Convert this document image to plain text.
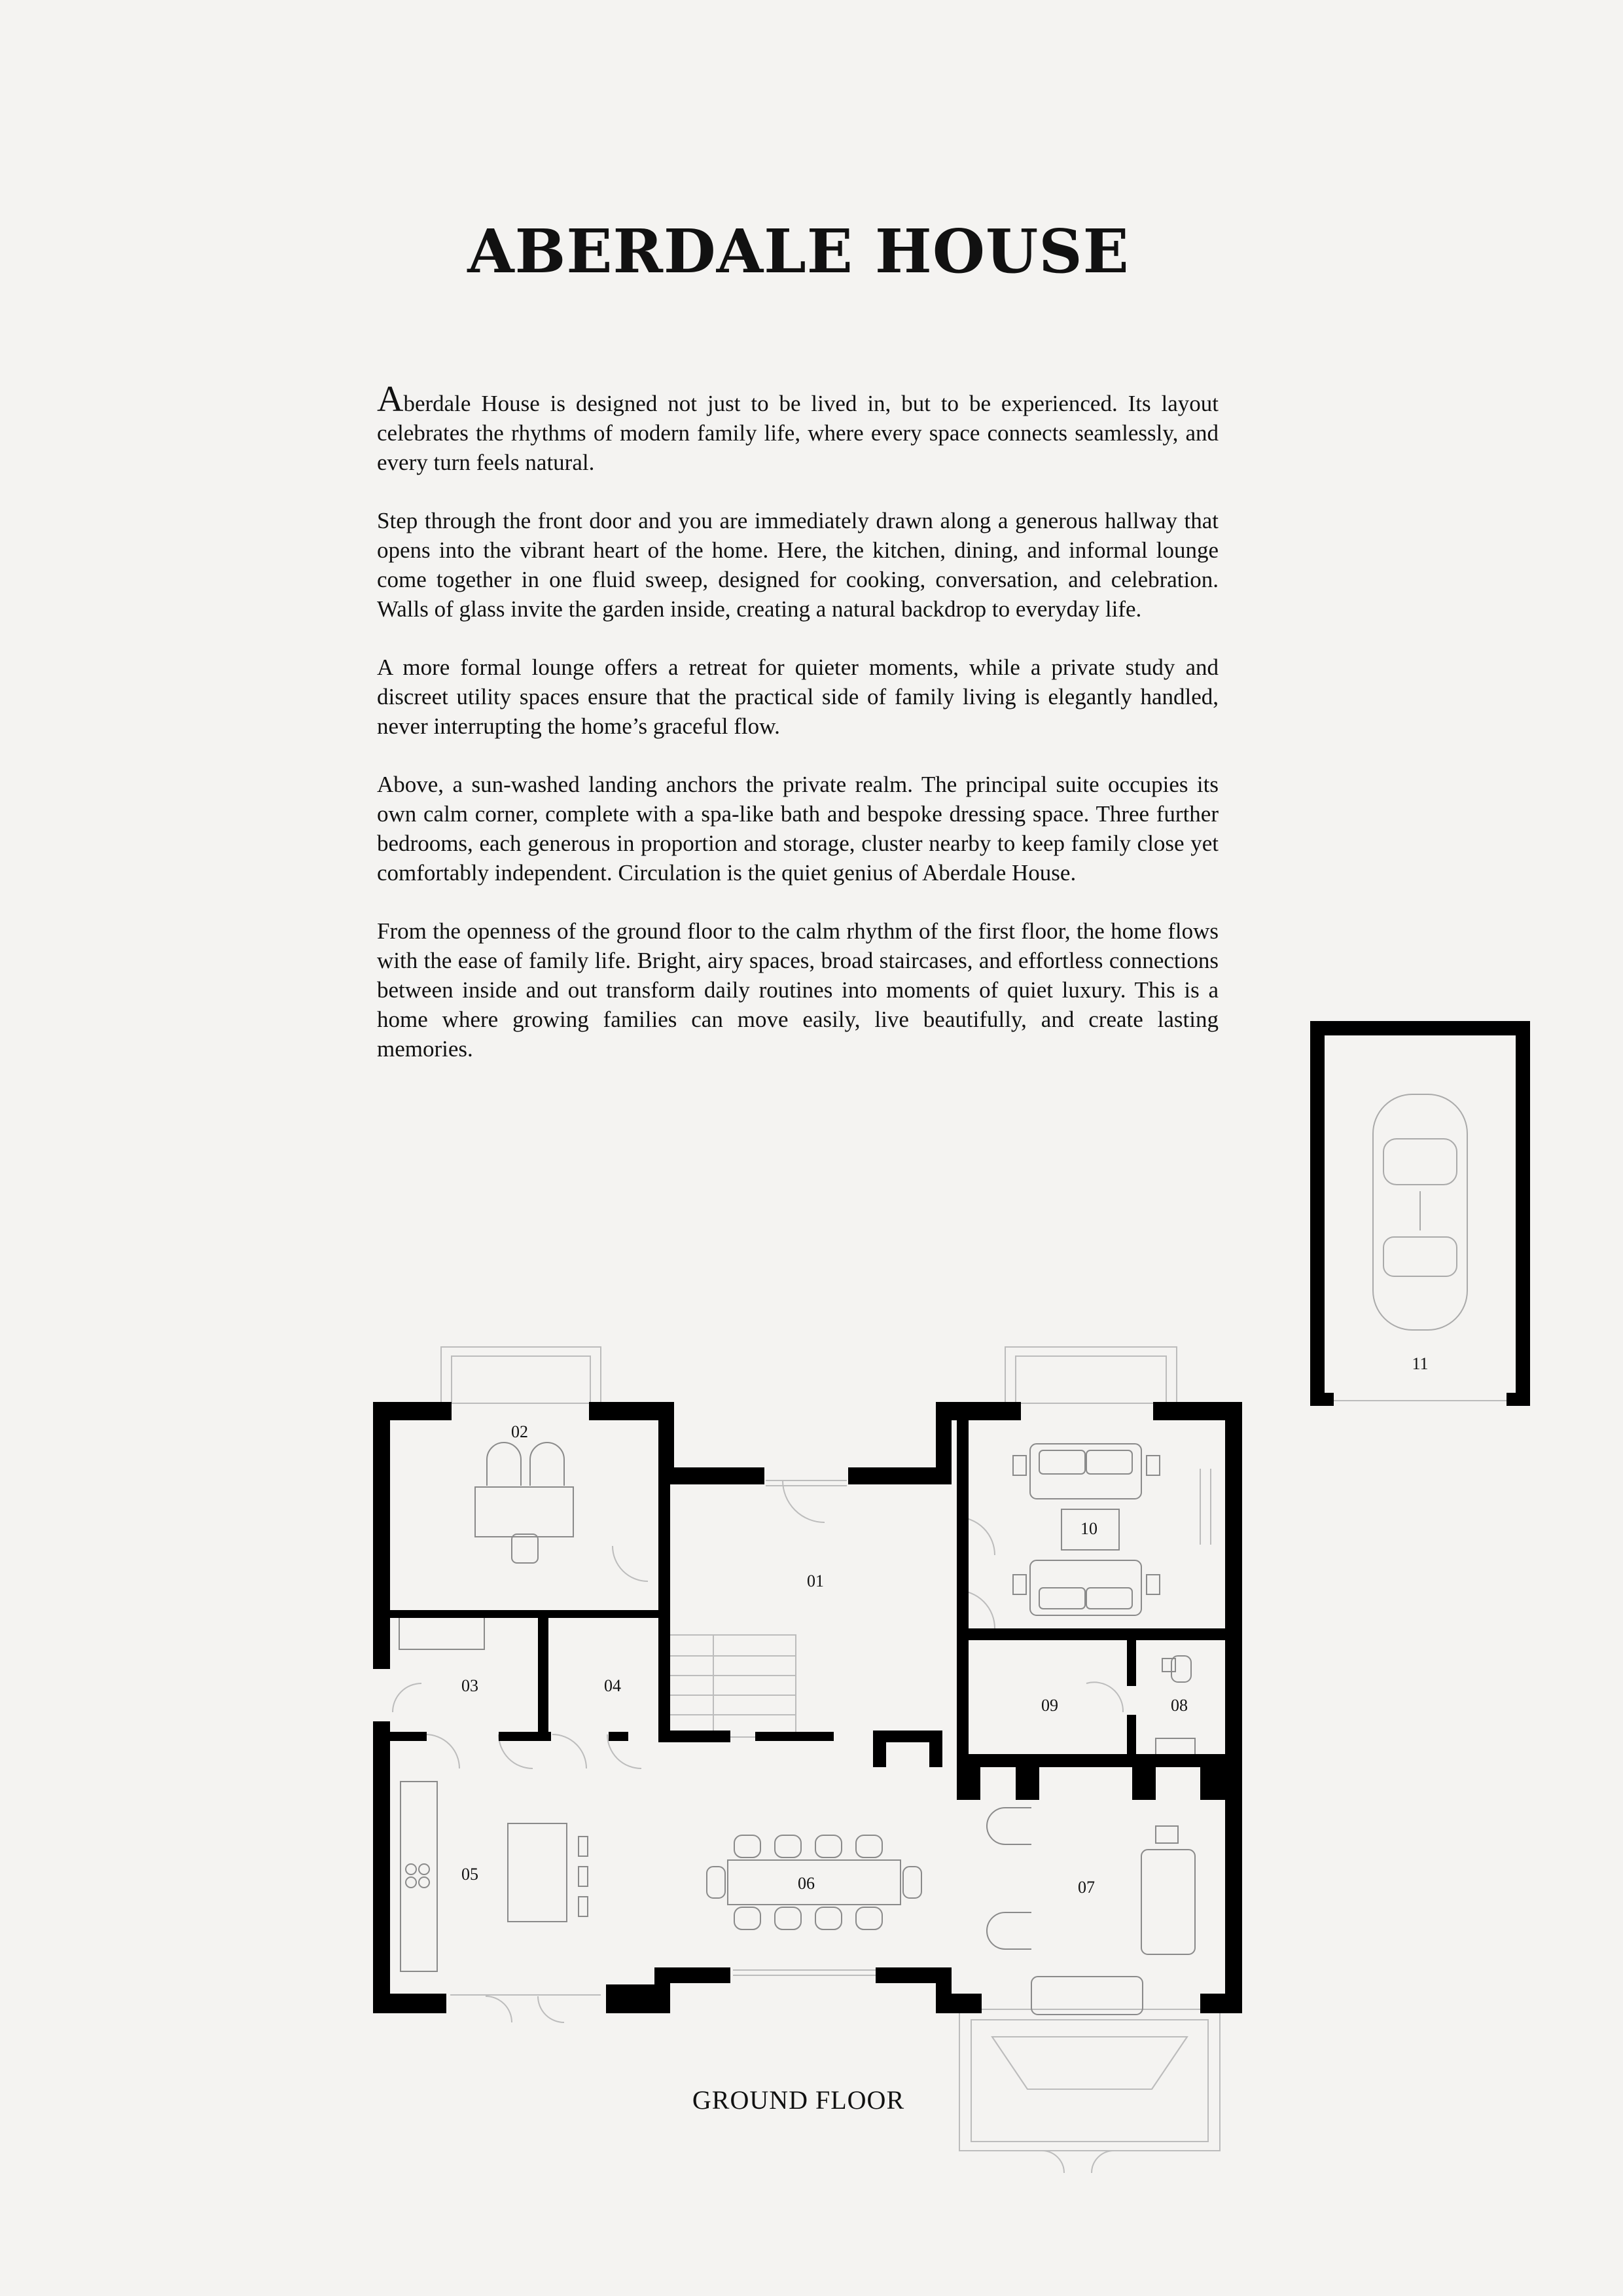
ABERDALE HOUSE

Aberdale House is designed not just to be lived in, but to be experienced. Its layout celebrates the rhythms of modern family life, where every space connects seamlessly, and every turn feels natural.

Step through the front door and you are immediately drawn along a generous hallway that opens into the vibrant heart of the home. Here, the kitchen, dining, and informal lounge come together in one fluid sweep, designed for cooking, conversation, and celebration. Walls of glass invite the garden inside, creating a natural backdrop to everyday life.

A more formal lounge offers a retreat for quieter moments, while a private study and discreet utility spaces ensure that the practical side of family living is elegantly handled, never interrupting the home’s graceful flow.

Above, a sun-washed landing anchors the private realm. The principal suite occupies its own calm corner, complete with a spa-like bath and bespoke dressing space. Three further bedrooms, each generous in proportion and storage, cluster nearby to keep family close yet comfortably independent. Circulation is the quiet genius of Aberdale House.

From the openness of the ground floor to the calm rhythm of the first floor, the home flows with the ease of family life. Bright, airy spaces, broad staircases, and effortless connections between inside and out transform daily routines into moments of quiet luxury. This is a home where growing families can move easily, live beautifully, and create lasting memories.

02
01
10
03	04
09	08
05	06	07
11
GROUND FLOOR
